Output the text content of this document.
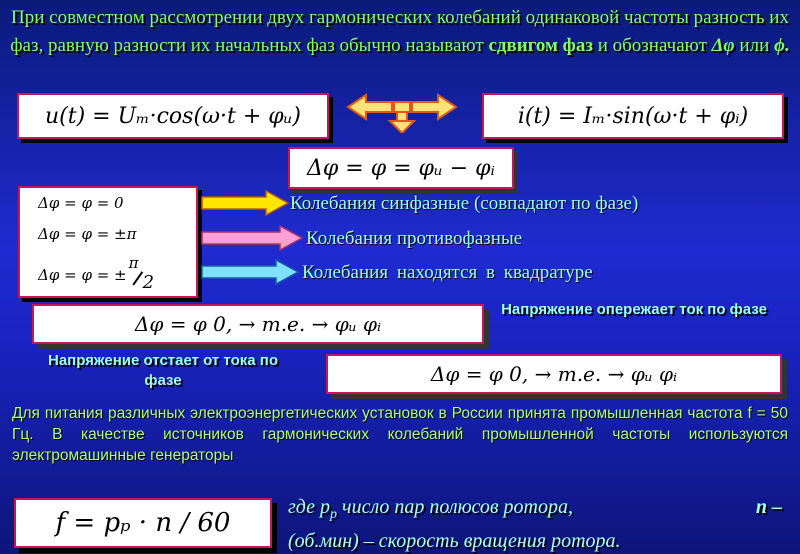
При совместном рассмотрении двух гармонических колебаний одинаковой частоты разность их фаз, равную разности их начальных фаз обычно называют сдвигом фаз и обозначают Δφ или ϕ.
u(t) = Uₘ·cos(ω·t + φᵤ)	i(t) = Iₘ·sin(ω·t + φᵢ)
Δφ = φ = φᵤ − φᵢ
Δφ = φ = 0
Δφ = φ = ±π
Δφ = φ = ±
π
2
Колебания синфазные (совпадают по фазе)
Колебания противофазные
Колебания находятся в квадратуре
Δφ = φ 0, → т.е. → φᵤ φᵢ
Напряжение опережает ток по фазе
Напряжение отстает от тока по фазе	Δφ = φ 0, → т.е. → φᵤ φᵢ
Для питания различных электроэнергетических установок в России принята промышленная частота f = 50 Гц. В качестве источников гармонических колебаний промышленной частоты используются электромашинные генераторы
f = pₚ · n / 60
где $p_p$ число пар полюсов ротора,	n –
(об.мин) – скорость вращения ротора.
